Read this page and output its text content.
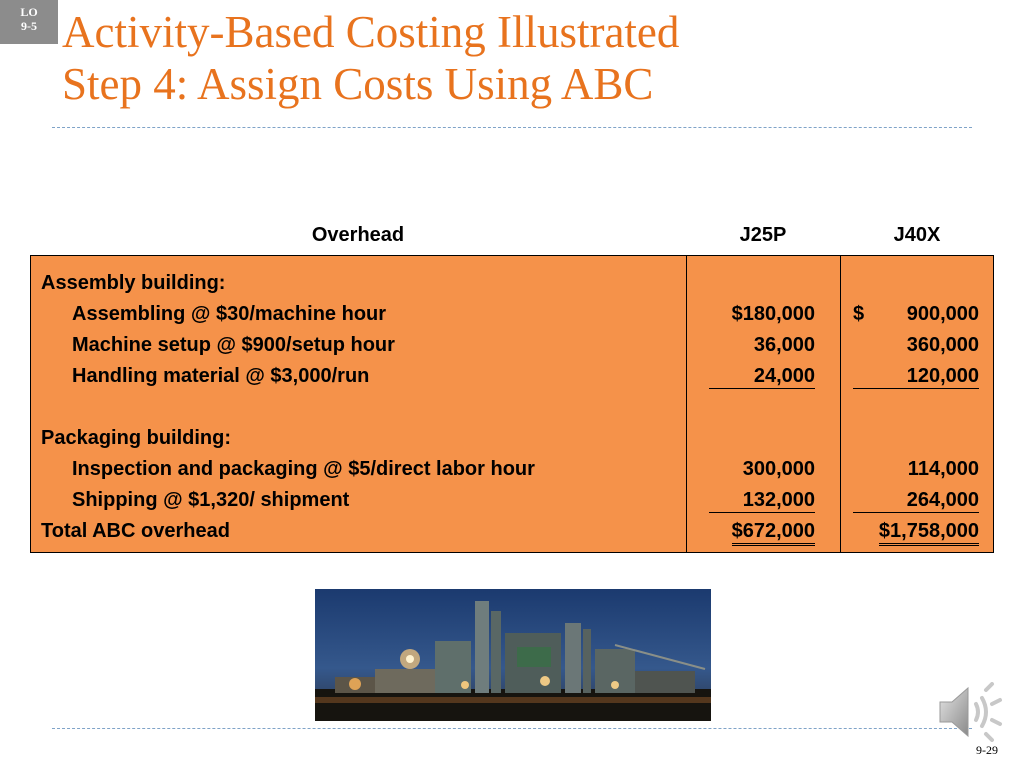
LO
9-5 Activity-Based Costing Illustrated
Step 4: Assign Costs Using ABC
Overhead	J25P	J40X
Assembly building:
Assembling @ $30/machine hour	$180,000 $	900,000
Machine setup @ $900/setup hour	36,000	360,000
Handling material @ $3,000/run	24,000	120,000
Packaging building:
Inspection and packaging @ $5/direct labor hour	300,000	114,000
Shipping @ $1,320/ shipment	132,000	264,000
Total ABC overhead	$672,000	$1,758,000
9-29
